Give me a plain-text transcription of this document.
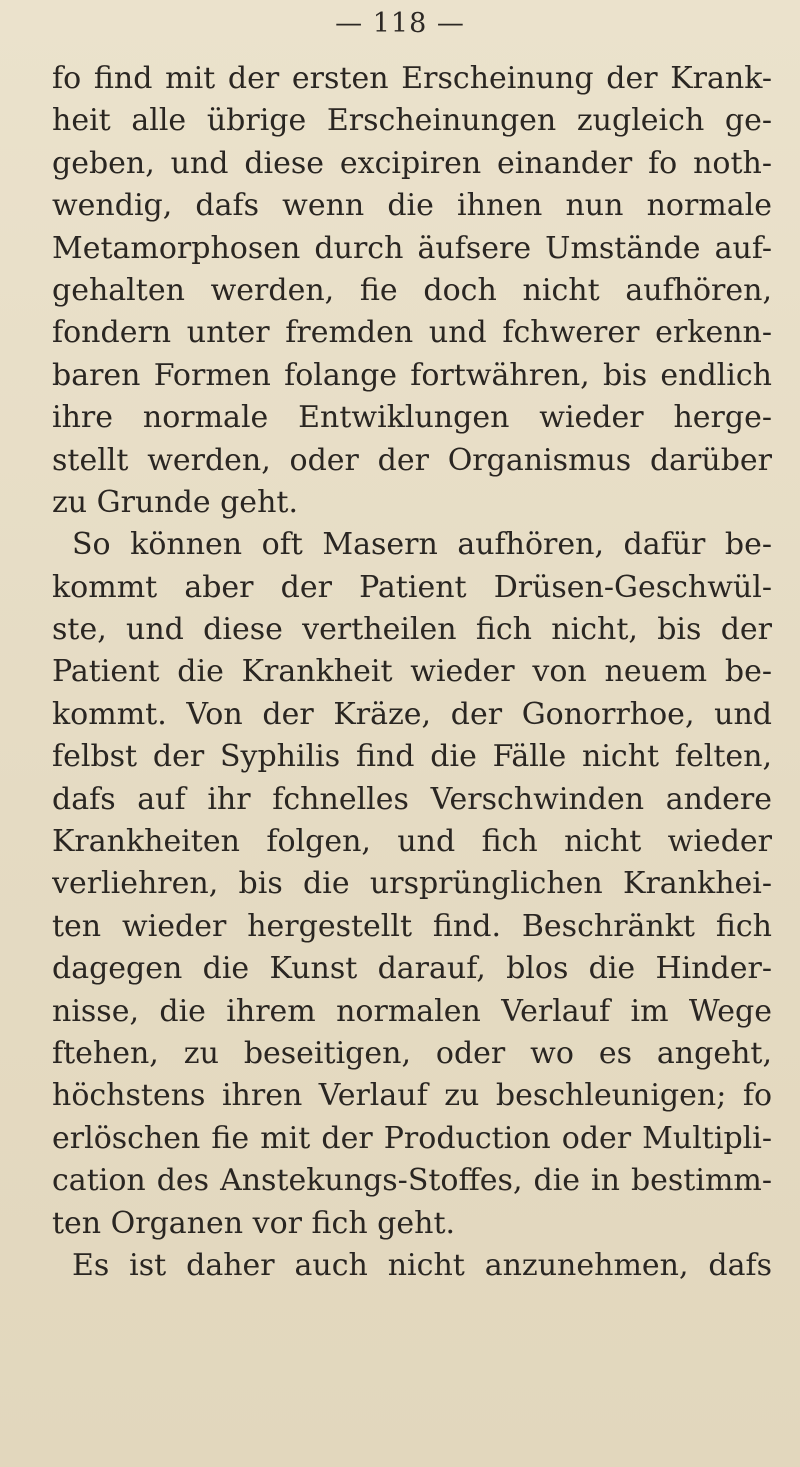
— 118 —
fo find mit der ersten Erscheinung der Krank-
heit alle übrige Erscheinungen zugleich ge-
geben, und diese excipiren einander fo noth-
wendig, dafs wenn die ihnen nun normale
Metamorphosen durch äufsere Umstände auf-
gehalten werden, fie doch nicht aufhören,
fondern unter fremden und fchwerer erkenn-
baren Formen folange fortwähren, bis endlich
ihre normale Entwiklungen wieder herge-
stellt werden, oder der Organismus darüber
zu Grunde geht.
So können oft Masern aufhören, dafür be-
kommt aber der Patient Drüsen-Geschwül-
ste, und diese vertheilen fich nicht, bis der
Patient die Krankheit wieder von neuem be-
kommt. Von der Kräze, der Gonorrhoe, und
felbst der Syphilis find die Fälle nicht felten,
dafs auf ihr fchnelles Verschwinden andere
Krankheiten folgen, und fich nicht wieder
verliehren, bis die ursprünglichen Krankhei-
ten wieder hergestellt find. Beschränkt fich
dagegen die Kunst darauf, blos die Hinder-
nisse, die ihrem normalen Verlauf im Wege
ftehen, zu beseitigen, oder wo es angeht,
höchstens ihren Verlauf zu beschleunigen; fo
erlöschen fie mit der Production oder Multipli-
cation des Anstekungs-Stoffes, die in bestimm-
ten Organen vor fich geht.
Es ist daher auch nicht anzunehmen, dafs
